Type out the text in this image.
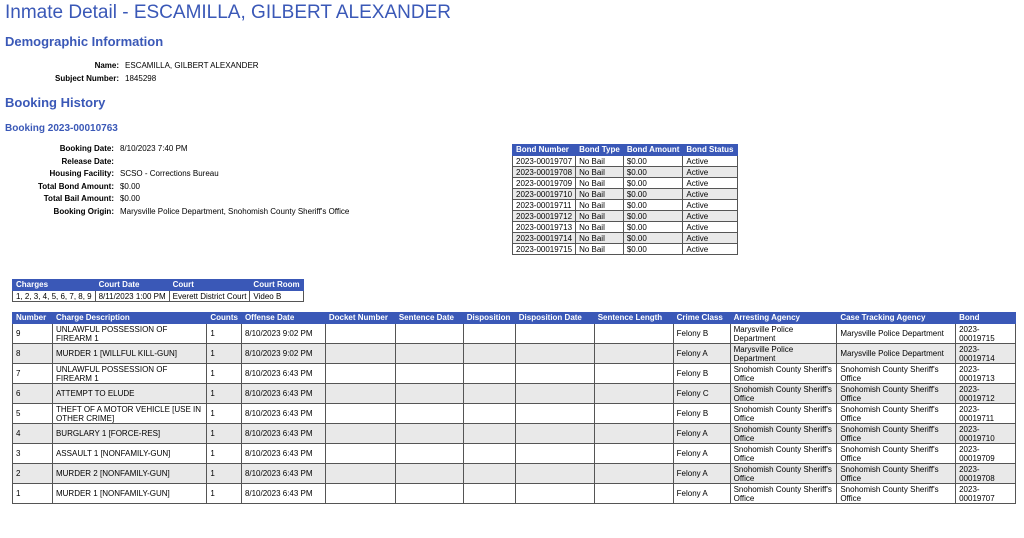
Inmate Detail - ESCAMILLA, GILBERT ALEXANDER
Demographic Information
Name:	ESCAMILLA, GILBERT ALEXANDER
Subject Number:	1845298
Booking History
Booking 2023-00010763
Booking Date:	8/10/2023 7:40 PM
Release Date:	
Housing Facility:	SCSO - Corrections Bureau
Total Bond Amount:	$0.00
Total Bail Amount:	$0.00
Booking Origin:	Marysville Police Department, Snohomish County Sheriff's Office
Bond Number	Bond Type	Bond Amount	Bond Status
2023-00019707	No Bail	$0.00	Active
2023-00019708	No Bail	$0.00	Active
2023-00019709	No Bail	$0.00	Active
2023-00019710	No Bail	$0.00	Active
2023-00019711	No Bail	$0.00	Active
2023-00019712	No Bail	$0.00	Active
2023-00019713	No Bail	$0.00	Active
2023-00019714	No Bail	$0.00	Active
2023-00019715	No Bail	$0.00	Active
Charges	Court Date	Court	Court Room
1, 2, 3, 4, 5, 6, 7, 8, 9	8/11/2023 1:00 PM	Everett District Court	Video B
Number	Charge Description	Counts	Offense Date	Docket Number	Sentence Date	Disposition	Disposition Date	Sentence Length	Crime Class	Arresting Agency	Case Tracking Agency	Bond
9	UNLAWFUL POSSESSION OF FIREARM 1	1	8/10/2023 9:02 PM						Felony B	Marysville Police Department	Marysville Police Department	2023-00019715
8	MURDER 1 [WILLFUL KILL-GUN]	1	8/10/2023 9:02 PM						Felony A	Marysville Police Department	Marysville Police Department	2023-00019714
7	UNLAWFUL POSSESSION OF FIREARM 1	1	8/10/2023 6:43 PM						Felony B	Snohomish County Sheriff's Office	Snohomish County Sheriff's Office	2023-00019713
6	ATTEMPT TO ELUDE	1	8/10/2023 6:43 PM						Felony C	Snohomish County Sheriff's Office	Snohomish County Sheriff's Office	2023-00019712
5	THEFT OF A MOTOR VEHICLE [USE IN OTHER CRIME]	1	8/10/2023 6:43 PM						Felony B	Snohomish County Sheriff's Office	Snohomish County Sheriff's Office	2023-00019711
4	BURGLARY 1 [FORCE-RES]	1	8/10/2023 6:43 PM						Felony A	Snohomish County Sheriff's Office	Snohomish County Sheriff's Office	2023-00019710
3	ASSAULT 1 [NONFAMILY-GUN]	1	8/10/2023 6:43 PM						Felony A	Snohomish County Sheriff's Office	Snohomish County Sheriff's Office	2023-00019709
2	MURDER 2 [NONFAMILY-GUN]	1	8/10/2023 6:43 PM						Felony A	Snohomish County Sheriff's Office	Snohomish County Sheriff's Office	2023-00019708
1	MURDER 1 [NONFAMILY-GUN]	1	8/10/2023 6:43 PM						Felony A	Snohomish County Sheriff's Office	Snohomish County Sheriff's Office	2023-00019707
